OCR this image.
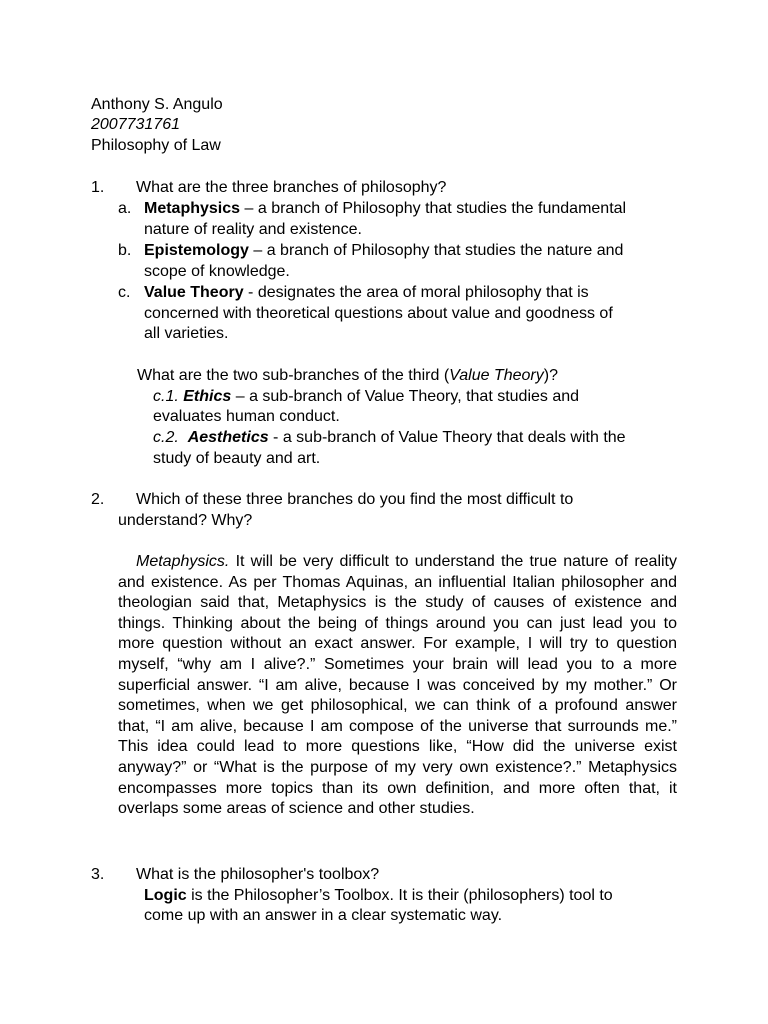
Anthony S. Angulo
2007731761
Philosophy of Law
1. What are the three branches of philosophy?
a. Metaphysics – a branch of Philosophy that studies the fundamental
nature of reality and existence.
b. Epistemology – a branch of Philosophy that studies the nature and
scope of knowledge.
c. Value Theory - designates the area of moral philosophy that is
concerned with theoretical questions about value and goodness of
all varieties.
What are the two sub-branches of the third (Value Theory)?
c.1. Ethics – a sub-branch of Value Theory, that studies and
evaluates human conduct.
c.2. Aesthetics - a sub-branch of Value Theory that deals with the
study of beauty and art.
2. Which of these three branches do you find the most difficult to
understand? Why?
Metaphysics. It will be very difficult to understand the true nature of reality and existence. As per Thomas Aquinas, an influential Italian philosopher and theologian said that, Metaphysics is the study of causes of existence and things. Thinking about the being of things around you can just lead you to more question without an exact answer. For example, I will try to question myself, “why am I alive?.” Sometimes your brain will lead you to a more superficial answer. “I am alive, because I was conceived by my mother.” Or sometimes, when we get philosophical, we can think of a profound answer that, “I am alive, because I am compose of the universe that surrounds me.” This idea could lead to more questions like, “How did the universe exist anyway?” or “What is the purpose of my very own existence?.” Metaphysics encompasses more topics than its own definition, and more often that, it overlaps some areas of science and other studies.
3. What is the philosopher's toolbox?
Logic is the Philosopher’s Toolbox. It is their (philosophers) tool to
come up with an answer in a clear systematic way.
